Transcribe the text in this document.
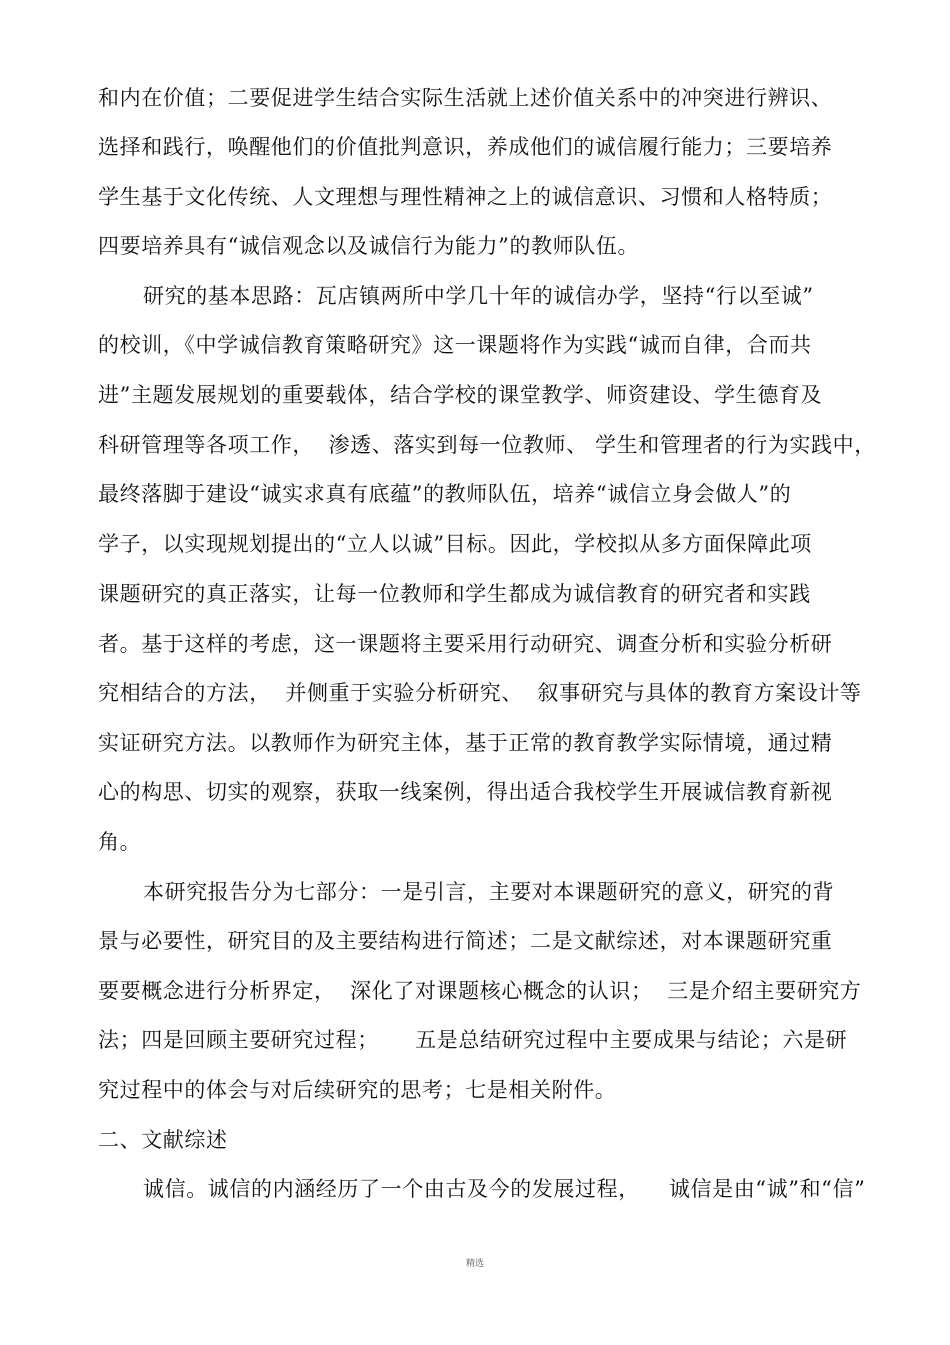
和内在价值；二要促进学生结合实际生活就上述价值关系中的冲突进行辨识、
选择和践行，唤醒他们的价值批判意识，养成他们的诚信履行能力；三要培养
学生基于文化传统、人文理想与理性精神之上的诚信意识、习惯和人格特质；
四要培养具有“诚信观念以及诚信行为能力”的教师队伍。
研究的基本思路：瓦店镇两所中学几十年的诚信办学，坚持“行以至诚”
的校训，《中学诚信教育策略研究》这一课题将作为实践“诚而自律，合而共
进”主题发展规划的重要载体，结合学校的课堂教学、师资建设、学生德育及
科研管理等各项工作，  渗透、落实到每一位教师、 学生和管理者的行为实践中，
最终落脚于建设“诚实求真有底蕴”的教师队伍，培养“诚信立身会做人”的
学子，以实现规划提出的“立人以诚”目标。因此，学校拟从多方面保障此项
课题研究的真正落实，让每一位教师和学生都成为诚信教育的研究者和实践
者。基于这样的考虑，这一课题将主要采用行动研究、调查分析和实验分析研
究相结合的方法，  并侧重于实验分析研究、  叙事研究与具体的教育方案设计等
实证研究方法。以教师作为研究主体，基于正常的教育教学实际情境，通过精
心的构思、切实的观察，获取一线案例，得出适合我校学生开展诚信教育新视
角。
本研究报告分为七部分：一是引言，主要对本课题研究的意义，研究的背
景与必要性，研究目的及主要结构进行简述；二是文献综述，对本课题研究重
要要概念进行分析界定，  深化了对课题核心概念的认识；  三是介绍主要研究方
法；四是回顾主要研究过程；     五是总结研究过程中主要成果与结论；六是研
究过程中的体会与对后续研究的思考；七是相关附件。
二、文献综述
诚信。诚信的内涵经历了一个由古及今的发展过程，    诚信是由“诚”和“信”
精选
